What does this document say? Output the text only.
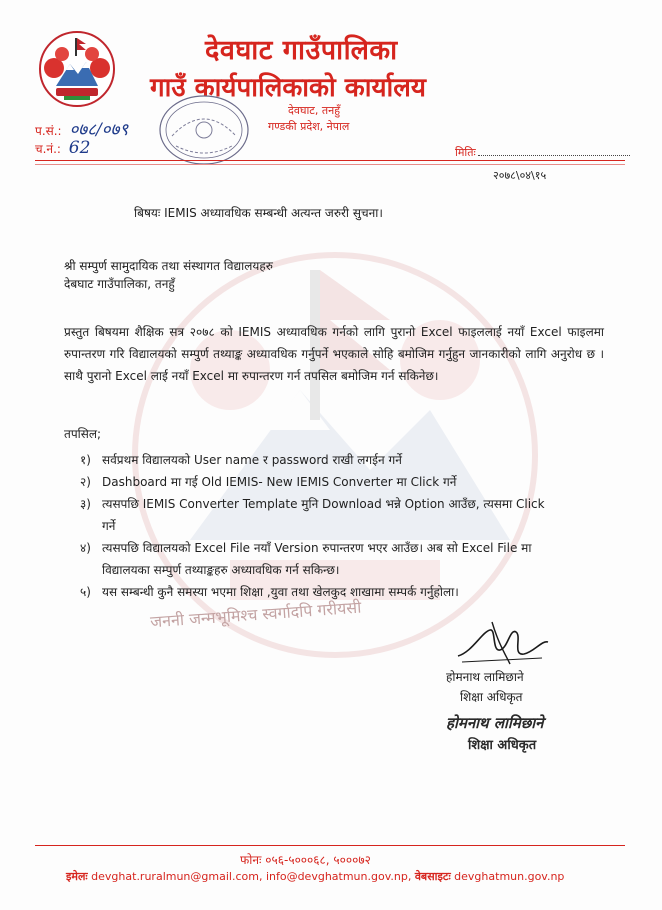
जननी जन्मभूमिश्च स्वर्गादपि गरीयसी
देवघाट गाउँपालिका
गाउँ कार्यपालिकाको कार्यालय
देवघाट, तनहुँ
गण्डकी प्रदेश, नेपाल
प.सं.: ०७८/०७९
च.नं.: 62	मितिः
२०७८\०४\१५
बिषयः IEMIS अध्यावधिक सम्बन्धी अत्यन्त जरुरी सुचना।
श्री सम्पुर्ण सामुदायिक तथा संस्थागत विद्यालयहरु
देबघाट गाउँपालिका, तनहुँ
प्रस्तुत बिषयमा शैक्षिक सत्र २०७८ को IEMIS अध्यावधिक गर्नको लागि पुरानो Excel फाइललाई नयाँ Excel फाइलमा रुपान्तरण गरि विद्यालयको सम्पुर्ण तथ्याङ्क अध्यावधिक गर्नुपर्ने भएकाले सोहि बमोजिम गर्नुहुन जानकारीको लागि अनुरोध छ । साथै पुरानो Excel लाई नयाँ Excel मा रुपान्तरण गर्न तपसिल बमोजिम गर्न सकिनेछ।
तपसिल;
१) सर्वप्रथम विद्यालयको User name र password राखी लगईन गर्ने
२) Dashboard मा गई Old IEMIS- New IEMIS Converter मा Click गर्ने
३) त्यसपछि IEMIS Converter Template मुनि Download भन्ने Option आउँछ, त्यसमा Click गर्ने
४) त्यसपछि विद्यालयको Excel File नयाँ Version रुपान्तरण भएर आउँछ। अब सो Excel File मा विद्यालयका सम्पुर्ण तथ्याङ्कहरु अध्यावधिक गर्न सकिन्छ।
५) यस सम्बन्धी कुनै समस्या भएमा शिक्षा ,युवा तथा खेलकुद शाखामा सम्पर्क गर्नुहोला।
होमनाथ लामिछाने
शिक्षा अधिकृत
होमनाथ लामिछाने
शिक्षा अधिकृत
फोनः ०५६-५०००६८, ५०००७२
इमेलः devghat.ruralmun@gmail.com, info@devghatmun.gov.np, वेबसाइटः devghatmun.gov.np
